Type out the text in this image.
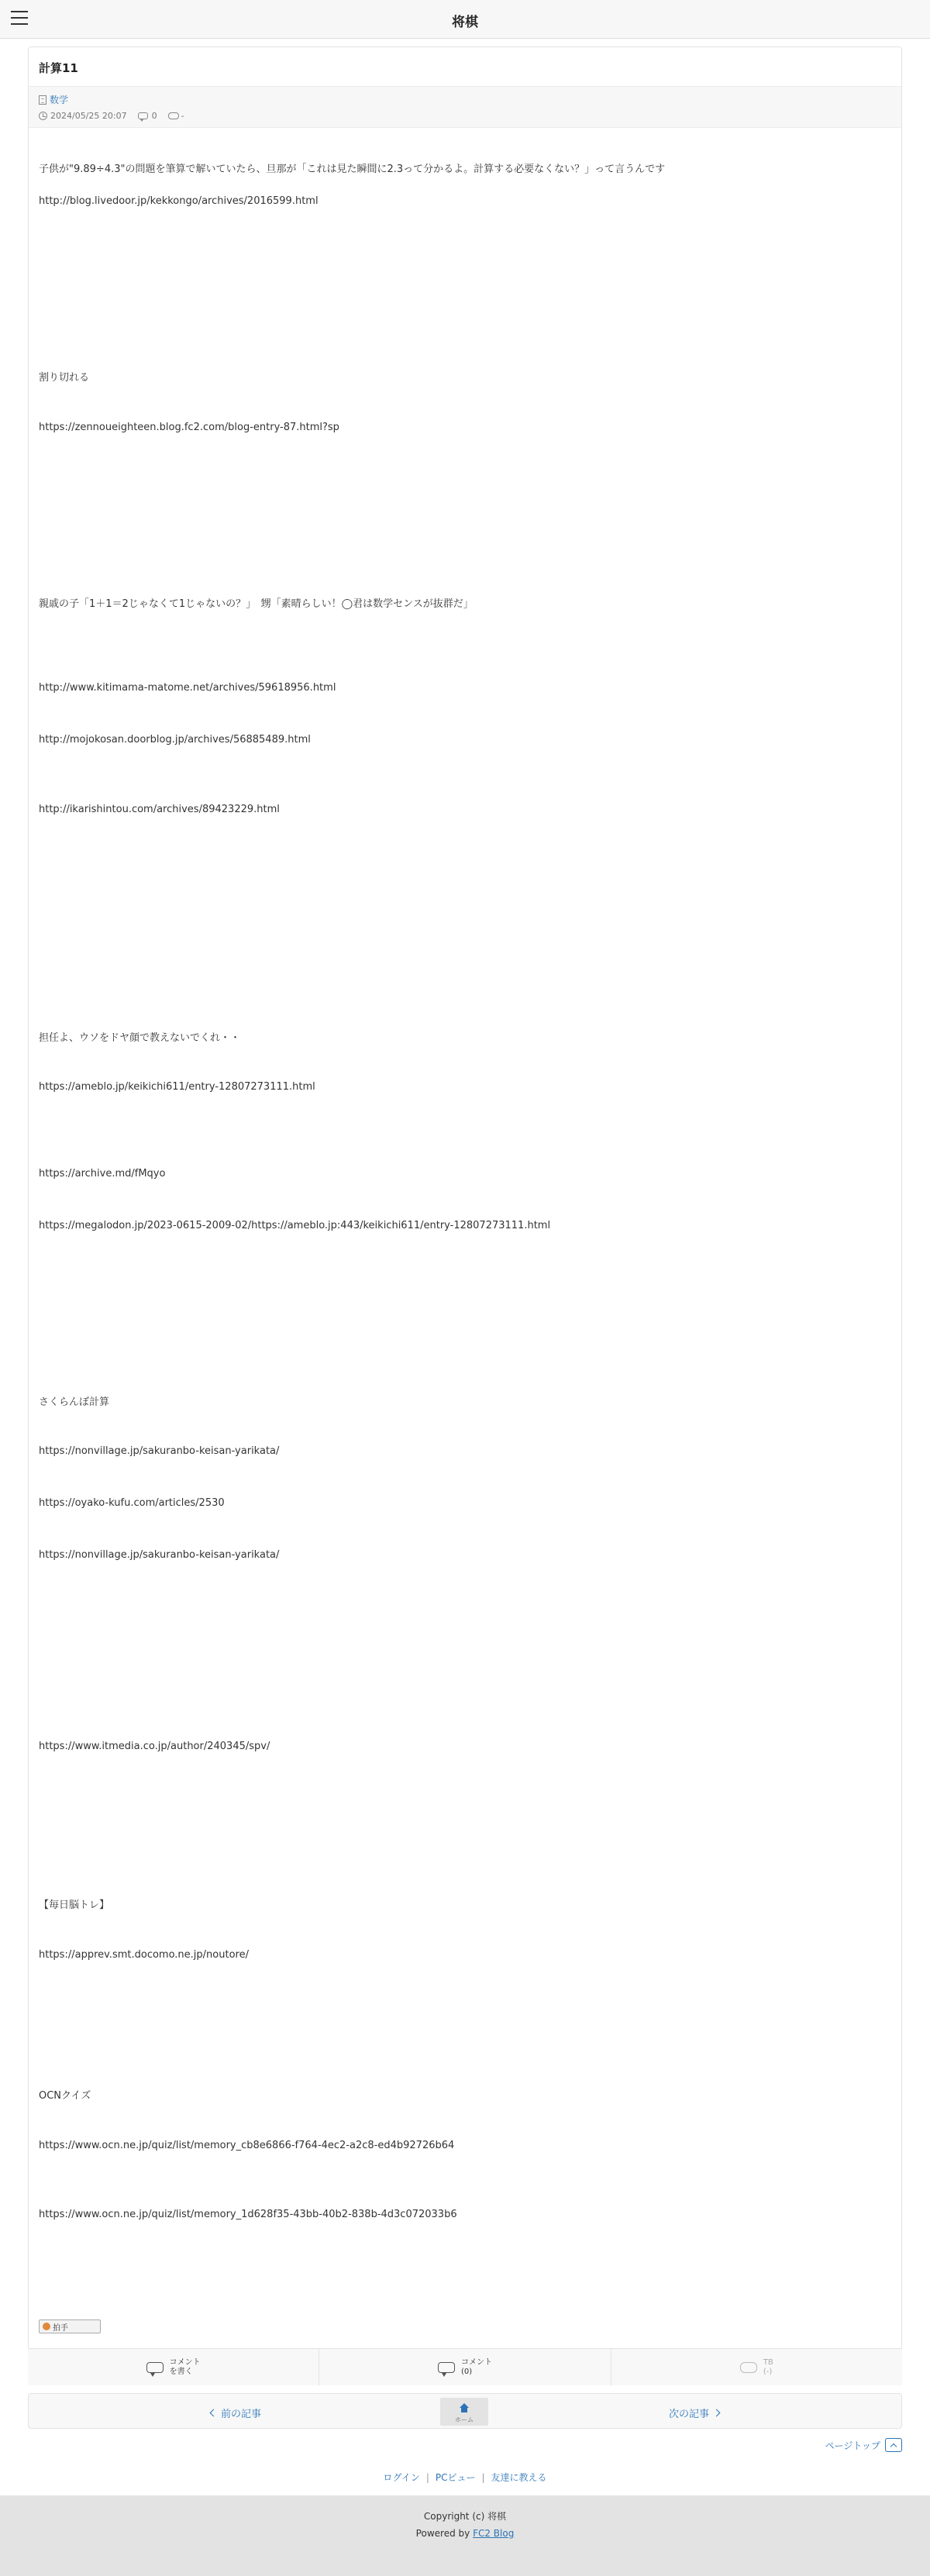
将棋
計算11
数学
2024/05/25 20:07	0	-
子供が"9.89÷4.3"の問題を筆算で解いていたら、旦那が「これは見た瞬間に2.3って分かるよ。計算する必要なくない？」って言うんです
http://blog.livedoor.jp/kekkongo/archives/2016599.html
割り切れる
https://zennoueighteen.blog.fc2.com/blog-entry-87.html?sp
親戚の子「1＋1＝2じゃなくて1じゃないの？」　甥「素晴らしい！◯君は数学センスが抜群だ」
http://www.kitimama-matome.net/archives/59618956.html
http://mojokosan.doorblog.jp/archives/56885489.html
http://ikarishintou.com/archives/89423229.html
担任よ、ウソをドヤ顔で教えないでくれ・・
https://ameblo.jp/keikichi611/entry-12807273111.html
https://archive.md/fMqyo
https://megalodon.jp/2023-0615-2009-02/https://ameblo.jp:443/keikichi611/entry-12807273111.html
さくらんぼ計算
https://nonvillage.jp/sakuranbo-keisan-yarikata/
https://oyako-kufu.com/articles/2530
https://nonvillage.jp/sakuranbo-keisan-yarikata/
https://www.itmedia.co.jp/author/240345/spv/
【毎日脳トレ】
https://apprev.smt.docomo.ne.jp/noutore/
OCNクイズ
https://www.ocn.ne.jp/quiz/list/memory_cb8e6866-f764-4ec2-a2c8-ed4b92726b64
https://www.ocn.ne.jp/quiz/list/memory_1d628f35-43bb-40b2-838b-4d3c072033b6
拍手
コメント
を書く
コメント
(0)
TB
(-)
前の記事	ホーム	次の記事
ページトップ
ログイン | PCビュー | 友達に教える
Copyright (c) 将棋
Powered by FC2 Blog
